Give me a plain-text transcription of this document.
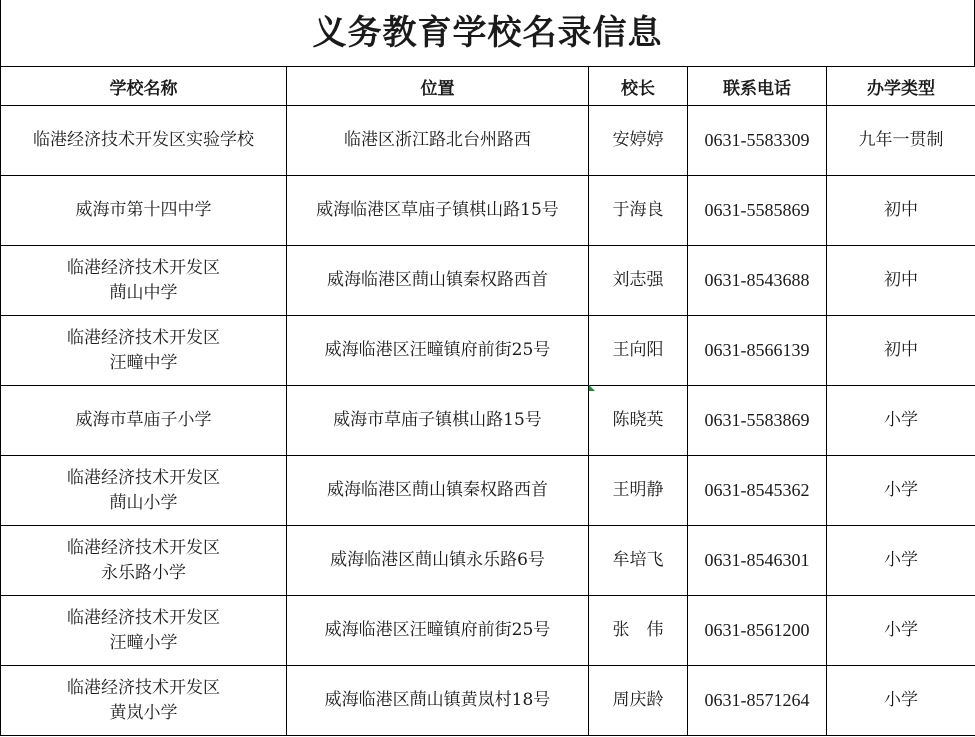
义务教育学校名录信息
学校名称	位置	校长	联系电话	办学类型

临港经济技术开发区实验学校	临港区浙江路北台州路西	安婷婷	0631-5583309	九年一贯制

威海市第十四中学	威海临港区草庙子镇棋山路15号	于海良	0631-5585869	初中

临港经济技术开发区
蔄山中学	威海临港区蔄山镇秦权路西首	刘志强	0631-8543688	初中

临港经济技术开发区
汪疃中学	威海临港区汪疃镇府前街25号	王向阳	0631-8566139	初中

威海市草庙子小学	威海市草庙子镇棋山路15号	陈晓英	0631-5583869	小学

临港经济技术开发区
蔄山小学	威海临港区蔄山镇秦权路西首	王明静	0631-8545362	小学

临港经济技术开发区
永乐路小学	威海临港区蔄山镇永乐路6号	牟培飞	0631-8546301	小学

临港经济技术开发区
汪疃小学	威海临港区汪疃镇府前街25号	张　伟	0631-8561200	小学

临港经济技术开发区
黄岚小学	威海临港区蔄山镇黄岚村18号	周庆龄	0631-8571264	小学
